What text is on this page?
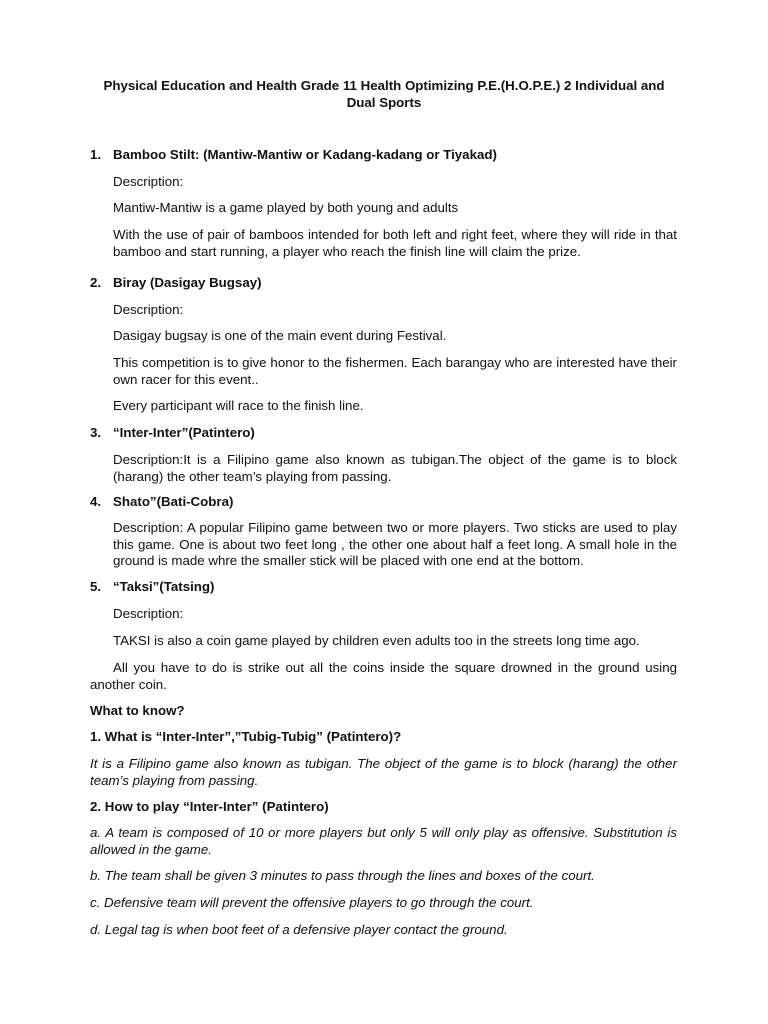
Physical Education and Health Grade 11 Health Optimizing P.E.(H.O.P.E.) 2 Individual and Dual Sports
1. Bamboo Stilt: (Mantiw-Mantiw or Kadang-kadang or Tiyakad)
Description:
Mantiw-Mantiw is a game played by both young and adults
With the use of pair of bamboos intended for both left and right feet, where they will ride in that bamboo and start running, a player who reach the finish line will claim the prize.
2. Biray (Dasigay Bugsay)
Description:
Dasigay bugsay is one of the main event during Festival.
This competition is to give honor to the fishermen. Each barangay who are interested have their own racer for this event..
Every participant will race to the finish line.
3. “Inter-Inter”(Patintero)
Description:It is a Filipino game also known as tubigan.The object of the game is to block (harang) the other team’s playing from passing.
4. Shato”(Bati-Cobra)
Description: A popular Filipino game between two or more players. Two sticks are used to play this game. One is about two feet long , the other one about half a feet long. A small hole in the ground is made whre the smaller stick will be placed with one end at the bottom.
5. “Taksi”(Tatsing)
Description:
TAKSI is also a coin game played by children even adults too in the streets long time ago.
All you have to do is strike out all the coins inside the square drowned in the ground using another coin.
What to know?
1. What is “Inter-Inter”,”Tubig-Tubig” (Patintero)?
It is a Filipino game also known as tubigan. The object of the game is to block (harang) the other team’s playing from passing.
2. How to play “Inter-Inter” (Patintero)
a. A team is composed of 10 or more players but only 5 will only play as offensive. Substitution is allowed in the game.
b. The team shall be given 3 minutes to pass through the lines and boxes of the court.
c. Defensive team will prevent the offensive players to go through the court.
d. Legal tag is when boot feet of a defensive player contact the ground.
